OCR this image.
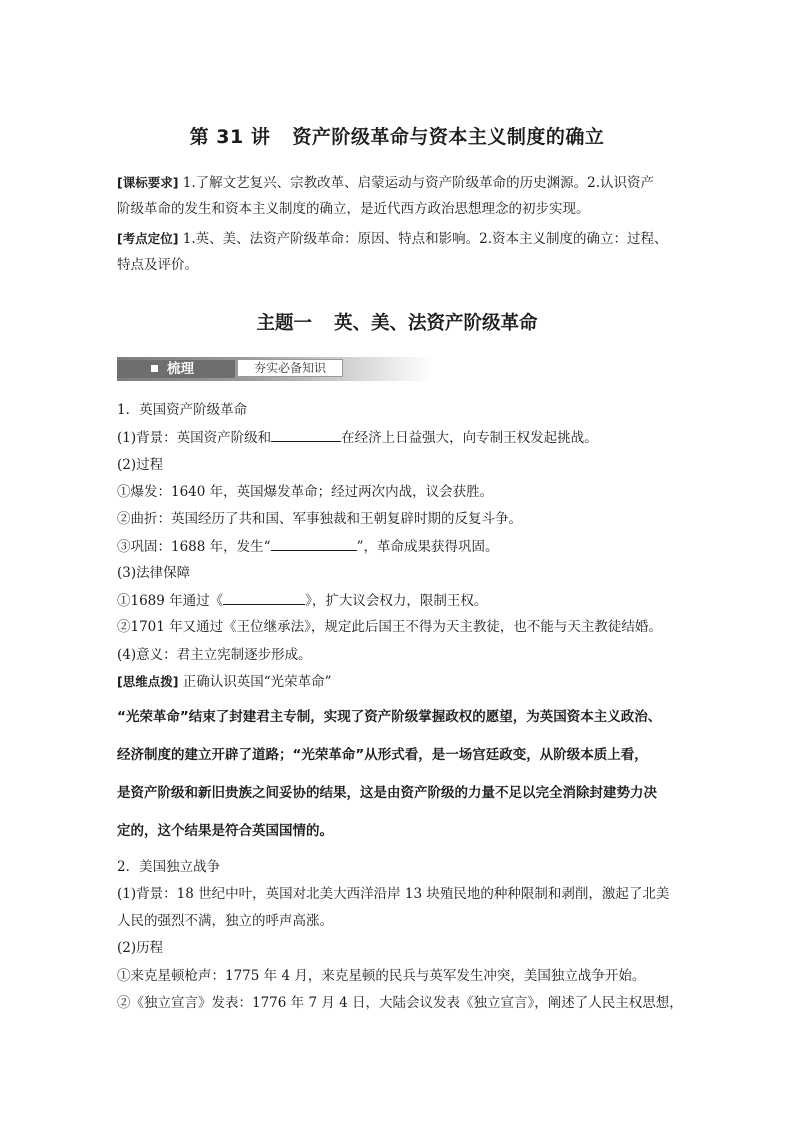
第 31 讲 资产阶级革命与资本主义制度的确立
[课标要求] 1.了解文艺复兴、宗教改革、启蒙运动与资产阶级革命的历史渊源。2.认识资产
阶级革命的发生和资本主义制度的确立，是近代西方政治思想理念的初步实现。
[考点定位] 1.英、美、法资产阶级革命：原因、特点和影响。2.资本主义制度的确立：过程、
特点及评价。
主题一 英、美、法资产阶级革命
梳理	夯实必备知识
1．英国资产阶级革命
(1)背景：英国资产阶级和	在经济上日益强大，向专制王权发起挑战。
(2)过程
①爆发：1640 年，英国爆发革命；经过两次内战，议会获胜。
②曲折：英国经历了共和国、军事独裁和王朝复辟时期的反复斗争。
③巩固：1688 年，发生“	”，革命成果获得巩固。
(3)法律保障
①1689 年通过《	》，扩大议会权力，限制王权。
②1701 年又通过《王位继承法》，规定此后国王不得为天主教徒，也不能与天主教徒结婚。
(4)意义：君主立宪制逐步形成。
[思维点拨] 正确认识英国“光荣革命”
“光荣革命”结束了封建君主专制，实现了资产阶级掌握政权的愿望，为英国资本主义政治、
经济制度的建立开辟了道路；“光荣革命”从形式看，是一场宫廷政变，从阶级本质上看，
是资产阶级和新旧贵族之间妥协的结果，这是由资产阶级的力量不足以完全消除封建势力决
定的，这个结果是符合英国国情的。
2．美国独立战争
(1)背景：18 世纪中叶，英国对北美大西洋沿岸 13 块殖民地的种种限制和剥削，激起了北美
人民的强烈不满，独立的呼声高涨。
(2)历程
①来克星顿枪声：1775 年 4 月，来克星顿的民兵与英军发生冲突，美国独立战争开始。
②《独立宣言》发表：1776 年 7 月 4 日，大陆会议发表《独立宣言》，阐述了人民主权思想，
